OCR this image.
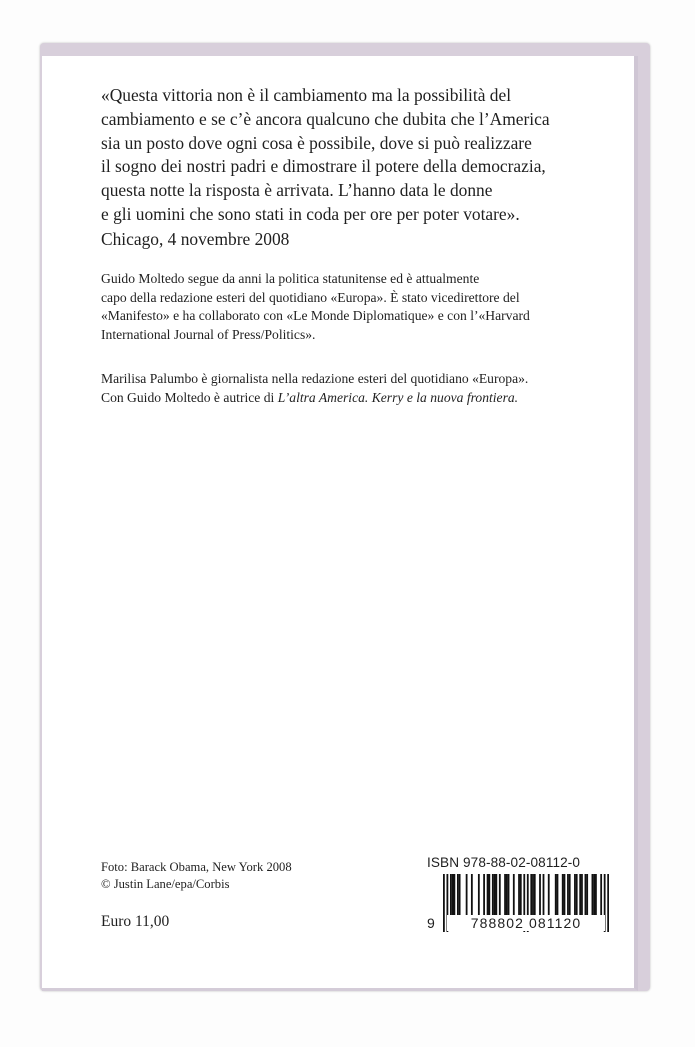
«Questa vittoria non è il cambiamento ma la possibilità del
cambiamento e se c’è ancora qualcuno che dubita che l’America
sia un posto dove ogni cosa è possibile, dove si può realizzare
il sogno dei nostri padri e dimostrare il potere della democrazia,
questa notte la risposta è arrivata. L’hanno data le donne
e gli uomini che sono stati in coda per ore per poter votare».

Chicago, 4 novembre 2008

Guido Moltedo segue da anni la politica statunitense ed è attualmente
capo della redazione esteri del quotidiano «Europa». È stato vicedirettore del
«Manifesto» e ha collaborato con «Le Monde Diplomatique» e con l’«Harvard
International Journal of Press/Politics».

Marilisa Palumbo è giornalista nella redazione esteri del quotidiano «Europa».
Con Guido Moltedo è autrice di L’altra America. Kerry e la nuova frontiera.

Foto: Barack Obama, New York 2008
© Justin Lane/epa/Corbis

Euro 11,00

ISBN 978-88-02-08112-0
9	788802 081120
